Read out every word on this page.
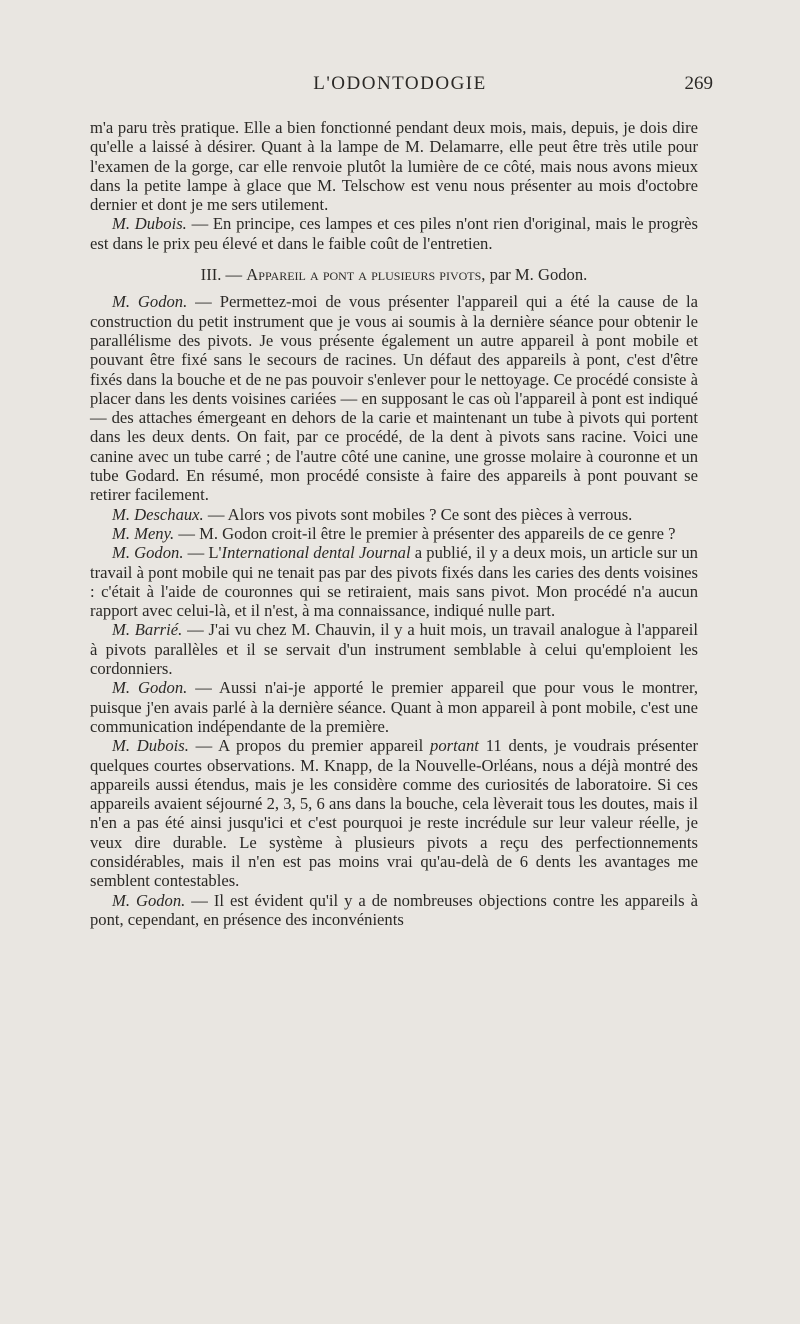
L'ODONTODOGIE	269

m'a paru très pratique. Elle a bien fonctionné pendant deux mois, mais, depuis, je dois dire qu'elle a laissé à désirer. Quant à la lampe de M. Delamarre, elle peut être très utile pour l'examen de la gorge, car elle renvoie plutôt la lumière de ce côté, mais nous avons mieux dans la petite lampe à glace que M. Telschow est venu nous présenter au mois d'octobre dernier et dont je me sers utilement.

M. Dubois. — En principe, ces lampes et ces piles n'ont rien d'original, mais le progrès est dans le prix peu élevé et dans le faible coût de l'entretien.

III. — Appareil a pont a plusieurs pivots, par M. Godon.

M. Godon. — Permettez-moi de vous présenter l'appareil qui a été la cause de la construction du petit instrument que je vous ai soumis à la dernière séance pour obtenir le parallélisme des pivots. Je vous présente également un autre appareil à pont mobile et pouvant être fixé sans le secours de racines. Un défaut des appareils à pont, c'est d'être fixés dans la bouche et de ne pas pouvoir s'enlever pour le nettoyage. Ce procédé consiste à placer dans les dents voisines cariées — en supposant le cas où l'appareil à pont est indiqué — des attaches émergeant en dehors de la carie et maintenant un tube à pivots qui portent dans les deux dents. On fait, par ce procédé, de la dent à pivots sans racine. Voici une canine avec un tube carré ; de l'autre côté une canine, une grosse molaire à couronne et un tube Godard. En résumé, mon procédé consiste à faire des appareils à pont pouvant se retirer facilement.

M. Deschaux. — Alors vos pivots sont mobiles ? Ce sont des pièces à verrous.

M. Meny. — M. Godon croit-il être le premier à présenter des appareils de ce genre ?

M. Godon. — L'International dental Journal a publié, il y a deux mois, un article sur un travail à pont mobile qui ne tenait pas par des pivots fixés dans les caries des dents voisines : c'était à l'aide de couronnes qui se retiraient, mais sans pivot. Mon procédé n'a aucun rapport avec celui-là, et il n'est, à ma connaissance, indiqué nulle part.

M. Barrié. — J'ai vu chez M. Chauvin, il y a huit mois, un travail analogue à l'appareil à pivots parallèles et il se servait d'un instrument semblable à celui qu'emploient les cordonniers.

M. Godon. — Aussi n'ai-je apporté le premier appareil que pour vous le montrer, puisque j'en avais parlé à la dernière séance. Quant à mon appareil à pont mobile, c'est une communication indépendante de la première.

M. Dubois. — A propos du premier appareil portant 11 dents, je voudrais présenter quelques courtes observations. M. Knapp, de la Nouvelle-Orléans, nous a déjà montré des appareils aussi étendus, mais je les considère comme des curiosités de laboratoire. Si ces appareils avaient séjourné 2, 3, 5, 6 ans dans la bouche, cela lèverait tous les doutes, mais il n'en a pas été ainsi jusqu'ici et c'est pourquoi je reste incrédule sur leur valeur réelle, je veux dire durable. Le système à plusieurs pivots a reçu des perfectionnements considérables, mais il n'en est pas moins vrai qu'au-delà de 6 dents les avantages me semblent contestables.

M. Godon. — Il est évident qu'il y a de nombreuses objections contre les appareils à pont, cependant, en présence des inconvénients
